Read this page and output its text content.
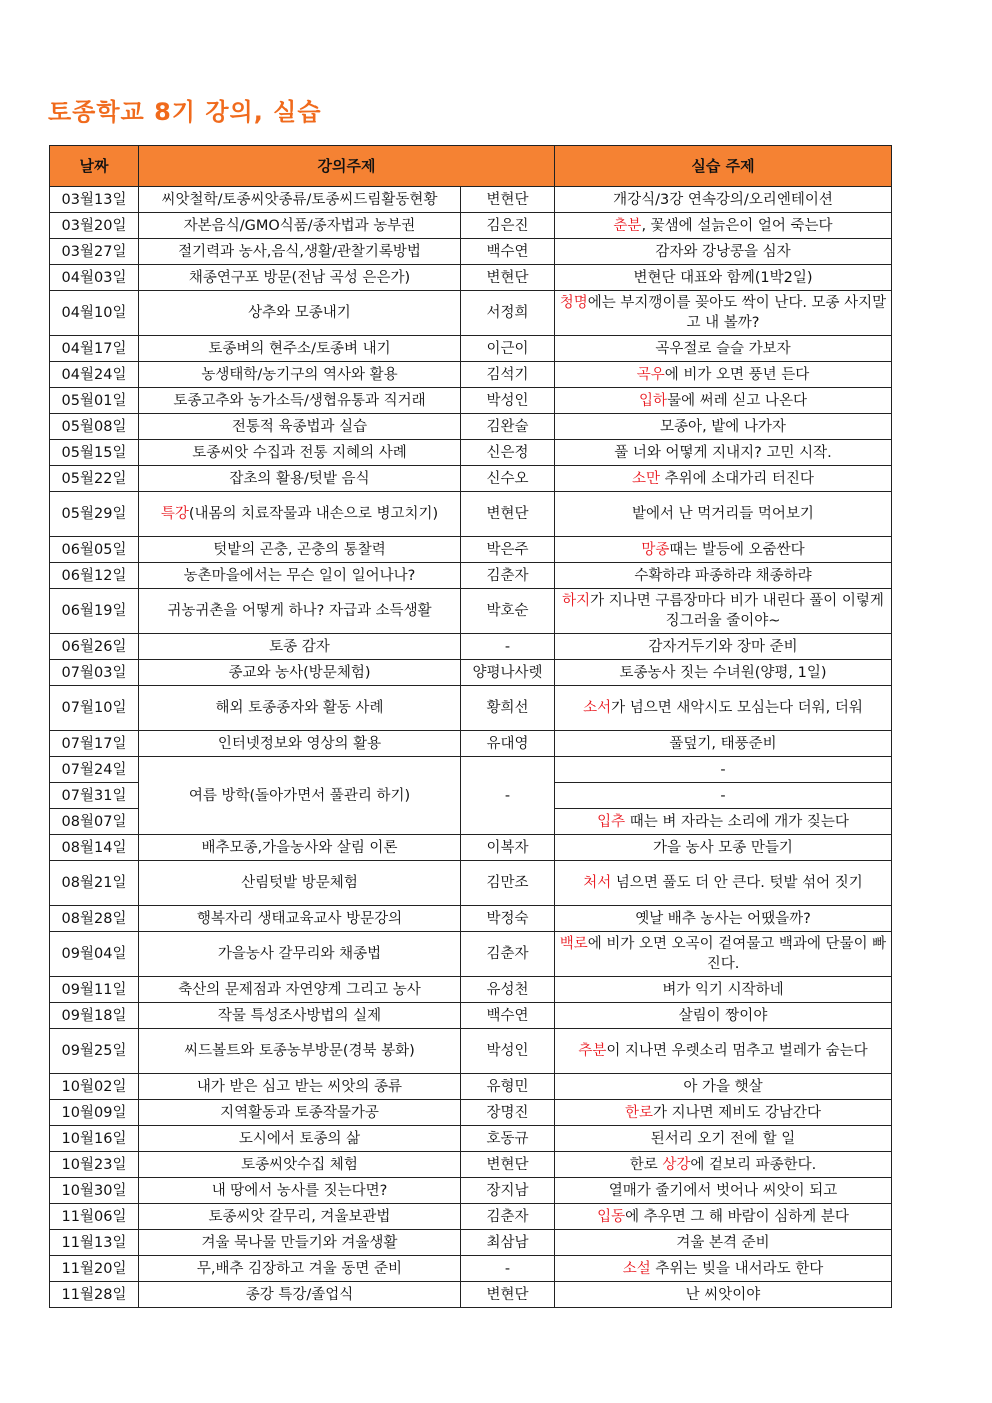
토종학교 8기 강의, 실습
날짜	강의주제		실습 주제
03월13일	씨앗철학/토종씨앗종류/토종씨드림활동현황	변현단	개강식/3강 연속강의/오리엔테이션
03월20일	자본음식/GMO식품/종자법과 농부권	김은진	춘분, 꽃샘에 설늙은이 얼어 죽는다
03월27일	절기력과 농사,음식,생활/관찰기록방법	백수연	감자와 강낭콩을 심자
04월03일	채종연구포 방문(전남 곡성 은은가)	변현단	변현단 대표와 함께(1박2일)
04월10일	상추와 모종내기	서정희	청명에는 부지깽이를 꽂아도 싹이 난다. 모종 사지말고 내 볼까?
04월17일	토종벼의 현주소/토종벼 내기	이근이	곡우절로 슬슬 가보자
04월24일	농생태학/농기구의 역사와 활용	김석기	곡우에 비가 오면 풍년 든다
05월01일	토종고추와 농가소득/생협유통과 직거래	박성인	입하물에 써레 싣고 나온다
05월08일	전통적 육종법과 실습	김완술	모종아, 밭에 나가자
05월15일	토종씨앗 수집과 전통 지혜의 사례	신은정	풀 너와 어떻게 지내지? 고민 시작.
05월22일	잡초의 활용/텃밭 음식	신수오	소만 추위에 소대가리 터진다
05월29일	특강(내몸의 치료작물과 내손으로 병고치기)	변현단	밭에서 난 먹거리들 먹어보기
06월05일	텃밭의 곤충, 곤충의 통찰력	박은주	망종때는 발등에 오줌싼다
06월12일	농촌마을에서는 무슨 일이 일어나나?	김춘자	수확하랴 파종하랴 채종하랴
06월19일	귀농귀촌을 어떻게 하나? 자급과 소득생활	박호순	하지가 지나면 구름장마다 비가 내린다 풀이 이렇게 징그러울 줄이야~
06월26일	토종 감자	-	감자거두기와 장마 준비
07월03일	종교와 농사(방문체험)	양평나사렛	토종농사 짓는 수녀원(양평, 1일)
07월10일	해외 토종종자와 활동 사례	황희선	소서가 넘으면 새악시도 모심는다 더워, 더워
07월17일	인터넷정보와 영상의 활용	유대영	풀덮기, 태풍준비
07월24일	여름 방학(돌아가면서 풀관리 하기)	-	-
07월31일			-
08월07일			입추 때는 벼 자라는 소리에 개가 짖는다
08월14일	배추모종,가을농사와 살림 이론	이복자	가을 농사 모종 만들기
08월21일	산림텃밭 방문체험	김만조	처서 넘으면 풀도 더 안 큰다. 텃밭 섞어 짓기
08월28일	행복자리 생태교육교사 방문강의	박정숙	옛날 배추 농사는 어땠을까?
09월04일	가을농사 갈무리와 채종법	김춘자	백로에 비가 오면 오곡이 겉여물고 백과에 단물이 빠진다.
09월11일	축산의 문제점과 자연양계 그리고 농사	유성천	벼가 익기 시작하네
09월18일	작물 특성조사방법의 실제	백수연	살림이 짱이야
09월25일	씨드볼트와 토종농부방문(경북 봉화)	박성인	추분이 지나면 우렛소리 멈추고 벌레가 숨는다
10월02일	내가 받은 심고 받는 씨앗의 종류	유형민	아 가을 햇살
10월09일	지역활동과 토종작물가공	장명진	한로가 지나면 제비도 강남간다
10월16일	도시에서 토종의 삶	호동규	된서리 오기 전에 할 일
10월23일	토종씨앗수집 체험	변현단	한로 상강에 겉보리 파종한다.
10월30일	내 땅에서 농사를 짓는다면?	장지남	열매가 줄기에서 벗어나 씨앗이 되고
11월06일	토종씨앗 갈무리, 겨울보관법	김춘자	입동에 추우면 그 해 바람이 심하게 분다
11월13일	겨울 묵나물 만들기와 겨울생활	최삼남	겨울 본격 준비
11월20일	무,배추 김장하고 겨울 동면 준비	-	소설 추위는 빚을 내서라도 한다
11월28일	종강 특강/졸업식	변현단	난 씨앗이야
